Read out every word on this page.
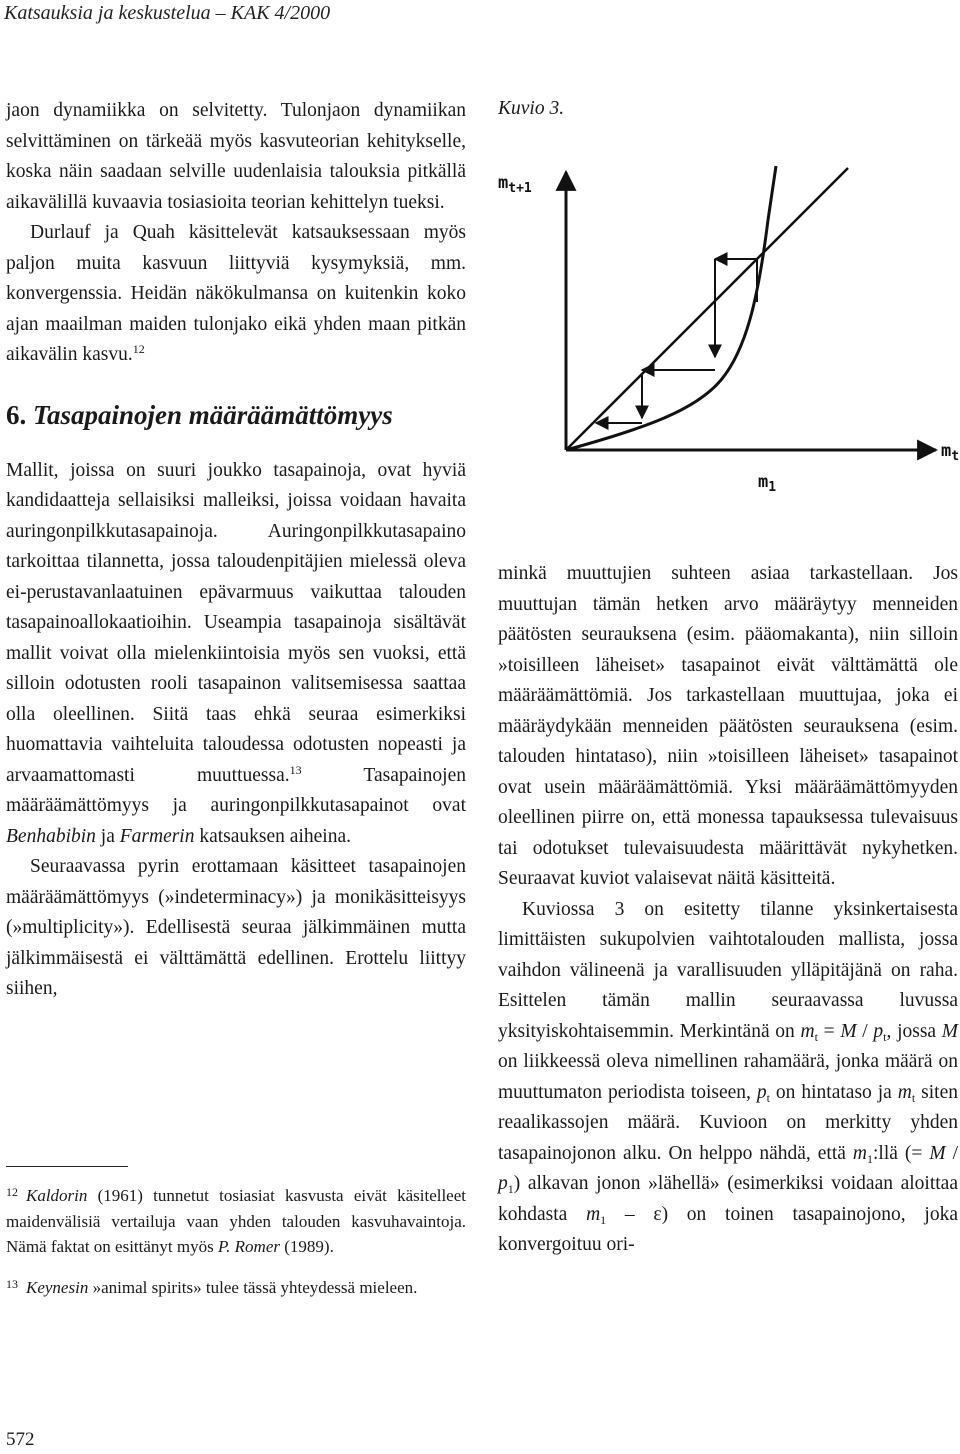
Katsauksia ja keskustelua – KAK 4/2000

jaon dynamiikka on selvitetty. Tulonjaon dynamiikan selvittäminen on tärkeää myös kasvuteorian kehitykselle, koska näin saadaan selville uudenlaisia talouksia pitkällä aikavälillä kuvaavia tosiasioita teorian kehittelyn tueksi.

Durlauf ja Quah käsittelevät katsauksessaan myös paljon muita kasvuun liittyviä kysymyksiä, mm. konvergenssia. Heidän näkökulmansa on kuitenkin koko ajan maailman maiden tulonjako eikä yhden maan pitkän aikavälin kasvu.$^{12}$

6. Tasapainojen määräämättömyys

Mallit, joissa on suuri joukko tasapainoja, ovat hyviä kandidaatteja sellaisiksi malleiksi, joissa voidaan havaita auringonpilkkutasapainoja. Auringonpilkkutasapaino tarkoittaa tilannetta, jossa taloudenpitäjien mielessä oleva ei-perustavanlaatuinen epävarmuus vaikuttaa talouden tasapainoallokaatioihin. Useampia tasapainoja sisältävät mallit voivat olla mielenkiintoisia myös sen vuoksi, että silloin odotusten rooli tasapainon valitsemisessa saattaa olla oleellinen. Siitä taas ehkä seuraa esimerkiksi huomattavia vaihteluita taloudessa odotusten nopeasti ja arvaamattomasti muuttuessa.$^{13}$ Tasapainojen määräämättömyys ja auringonpilkkutasapainot ovat Benhabibin ja Farmerin katsauksen aiheina.

Seuraavassa pyrin erottamaan käsitteet tasapainojen määräämättömyys (»indeterminacy») ja monikäsitteisyys (»multiplicity»). Edellisestä seuraa jälkimmäinen mutta jälkimmäisestä ei välttämättä edellinen. Erottelu liittyy siihen,

$^{12}$ Kaldorin (1961) tunnetut tosiasiat kasvusta eivät käsitelleet maidenvälisiä vertailuja vaan yhden talouden kasvuhavaintoja. Nämä faktat on esittänyt myös P. Romer (1989).

$^{13}$ Keynesin »animal spirits» tulee tässä yhteydessä mieleen.

Kuvio 3.
$m_{t+1}$
$m_t$
$m_1$

minkä muuttujien suhteen asiaa tarkastellaan. Jos muuttujan tämän hetken arvo määräytyy menneiden päätösten seurauksena (esim. pääomakanta), niin silloin »toisilleen läheiset» tasapainot eivät välttämättä ole määräämättömiä. Jos tarkastellaan muuttujaa, joka ei määräydykään menneiden päätösten seurauksena (esim. talouden hintataso), niin »toisilleen läheiset» tasapainot ovat usein määräämättömiä. Yksi määräämättömyyden oleellinen piirre on, että monessa tapauksessa tulevaisuus tai odotukset tulevaisuudesta määrittävät nykyhetken. Seuraavat kuviot valaisevat näitä käsitteitä.

Kuviossa 3 on esitetty tilanne yksinkertaisesta limittäisten sukupolvien vaihtotalouden mallista, jossa vaihdon välineenä ja varallisuuden ylläpitäjänä on raha. Esittelen tämän mallin seuraavassa luvussa yksityiskohtaisemmin. Merkintänä on $m_t = M / p_t$, jossa M on liikkeessä oleva nimellinen rahamäärä, jonka määrä on muuttumaton periodista toiseen, $p_t$ on hintataso ja $m_t$ siten reaalikassojen määrä. Kuvioon on merkitty yhden tasapainojonon alku. On helppo nähdä, että $m_1:llä$ (= M / $p_1$) alkavan jonon »lähellä» (esimerkiksi voidaan aloittaa kohdasta $m_1 - \varepsilon$) on toinen tasapainojono, joka konvergoituu ori-

572
